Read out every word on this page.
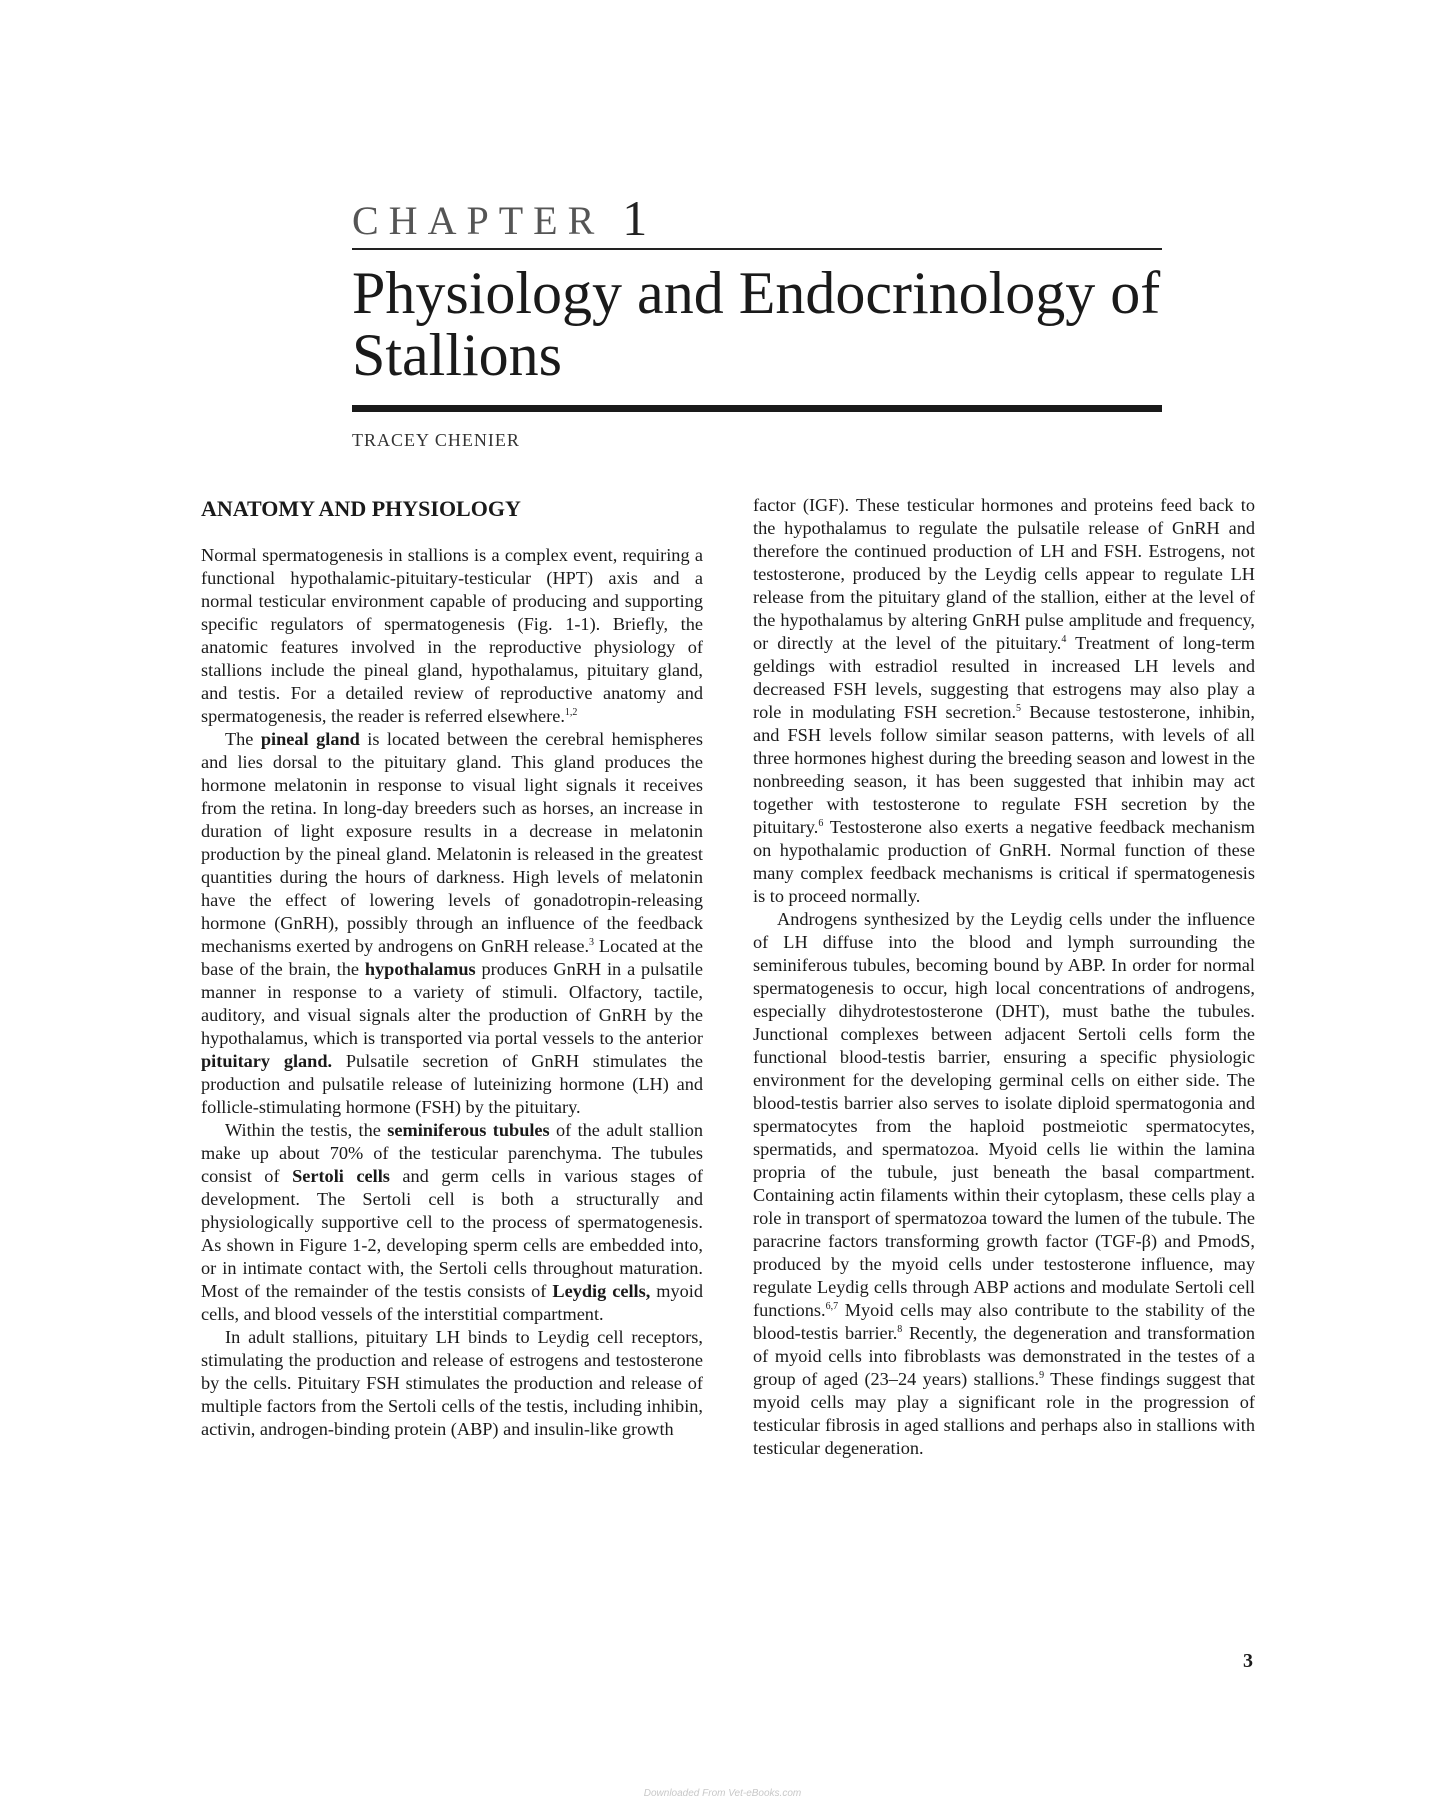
CHAPTER 1
Physiology and Endocrinology of Stallions
TRACEY CHENIER
ANATOMY AND PHYSIOLOGY

Normal spermatogenesis in stallions is a complex event, requiring a functional hypothalamic-pituitary-testicular (HPT) axis and a normal testicular environment capable of producing and supporting specific regulators of spermatogenesis (Fig. 1-1). Briefly, the anatomic features involved in the reproductive physiology of stallions include the pineal gland, hypothalamus, pituitary gland, and testis. For a detailed review of reproductive anatomy and spermatogenesis, the reader is referred elsewhere.$^{1,2}$

The pineal gland is located between the cerebral hemispheres and lies dorsal to the pituitary gland. This gland produces the hormone melatonin in response to visual light signals it receives from the retina. In long-day breeders such as horses, an increase in duration of light exposure results in a decrease in melatonin production by the pineal gland. Melatonin is released in the greatest quantities during the hours of darkness. High levels of melatonin have the effect of lowering levels of gonadotropin-releasing hormone (GnRH), possibly through an influence of the feedback mechanisms exerted by androgens on GnRH release.$^3$ Located at the base of the brain, the hypothalamus produces GnRH in a pulsatile manner in response to a variety of stimuli. Olfactory, tactile, auditory, and visual signals alter the production of GnRH by the hypothalamus, which is transported via portal vessels to the anterior pituitary gland. Pulsatile secretion of GnRH stimulates the production and pulsatile release of luteinizing hormone (LH) and follicle-stimulating hormone (FSH) by the pituitary.

Within the testis, the seminiferous tubules of the adult stallion make up about 70% of the testicular parenchyma. The tubules consist of Sertoli cells and germ cells in various stages of development. The Sertoli cell is both a structurally and physiologically supportive cell to the process of spermatogenesis. As shown in Figure 1-2, developing sperm cells are embedded into, or in intimate contact with, the Sertoli cells throughout maturation. Most of the remainder of the testis consists of Leydig cells, myoid cells, and blood vessels of the interstitial compartment.

In adult stallions, pituitary LH binds to Leydig cell receptors, stimulating the production and release of estrogens and testosterone by the cells. Pituitary FSH stimulates the production and release of multiple factors from the Sertoli cells of the testis, including inhibin, activin, androgen-binding protein (ABP) and insulin-like growth

factor (IGF). These testicular hormones and proteins feed back to the hypothalamus to regulate the pulsatile release of GnRH and therefore the continued production of LH and FSH. Estrogens, not testosterone, produced by the Leydig cells appear to regulate LH release from the pituitary gland of the stallion, either at the level of the hypothalamus by altering GnRH pulse amplitude and frequency, or directly at the level of the pituitary.$^4$ Treatment of long-term geldings with estradiol resulted in increased LH levels and decreased FSH levels, suggesting that estrogens may also play a role in modulating FSH secretion.$^5$ Because testosterone, inhibin, and FSH levels follow similar season patterns, with levels of all three hormones highest during the breeding season and lowest in the nonbreeding season, it has been suggested that inhibin may act together with testosterone to regulate FSH secretion by the pituitary.$^6$ Testosterone also exerts a negative feedback mechanism on hypothalamic production of GnRH. Normal function of these many complex feedback mechanisms is critical if spermatogenesis is to proceed normally.

Androgens synthesized by the Leydig cells under the influence of LH diffuse into the blood and lymph surrounding the seminiferous tubules, becoming bound by ABP. In order for normal spermatogenesis to occur, high local concentrations of androgens, especially dihydrotestosterone (DHT), must bathe the tubules. Junctional complexes between adjacent Sertoli cells form the functional blood-testis barrier, ensuring a specific physiologic environment for the developing germinal cells on either side. The blood-testis barrier also serves to isolate diploid spermatogonia and spermatocytes from the haploid postmeiotic spermatocytes, spermatids, and spermatozoa. Myoid cells lie within the lamina propria of the tubule, just beneath the basal compartment. Containing actin filaments within their cytoplasm, these cells play a role in transport of spermatozoa toward the lumen of the tubule. The paracrine factors transforming growth factor (TGF-β) and PmodS, produced by the myoid cells under testosterone influence, may regulate Leydig cells through ABP actions and modulate Sertoli cell functions.$^{6,7}$ Myoid cells may also contribute to the stability of the blood-testis barrier.$^8$ Recently, the degeneration and transformation of myoid cells into fibroblasts was demonstrated in the testes of a group of aged (23–24 years) stallions.$^9$ These findings suggest that myoid cells may play a significant role in the progression of testicular fibrosis in aged stallions and perhaps also in stallions with testicular degeneration.

3
Downloaded From Vet-eBooks.com
